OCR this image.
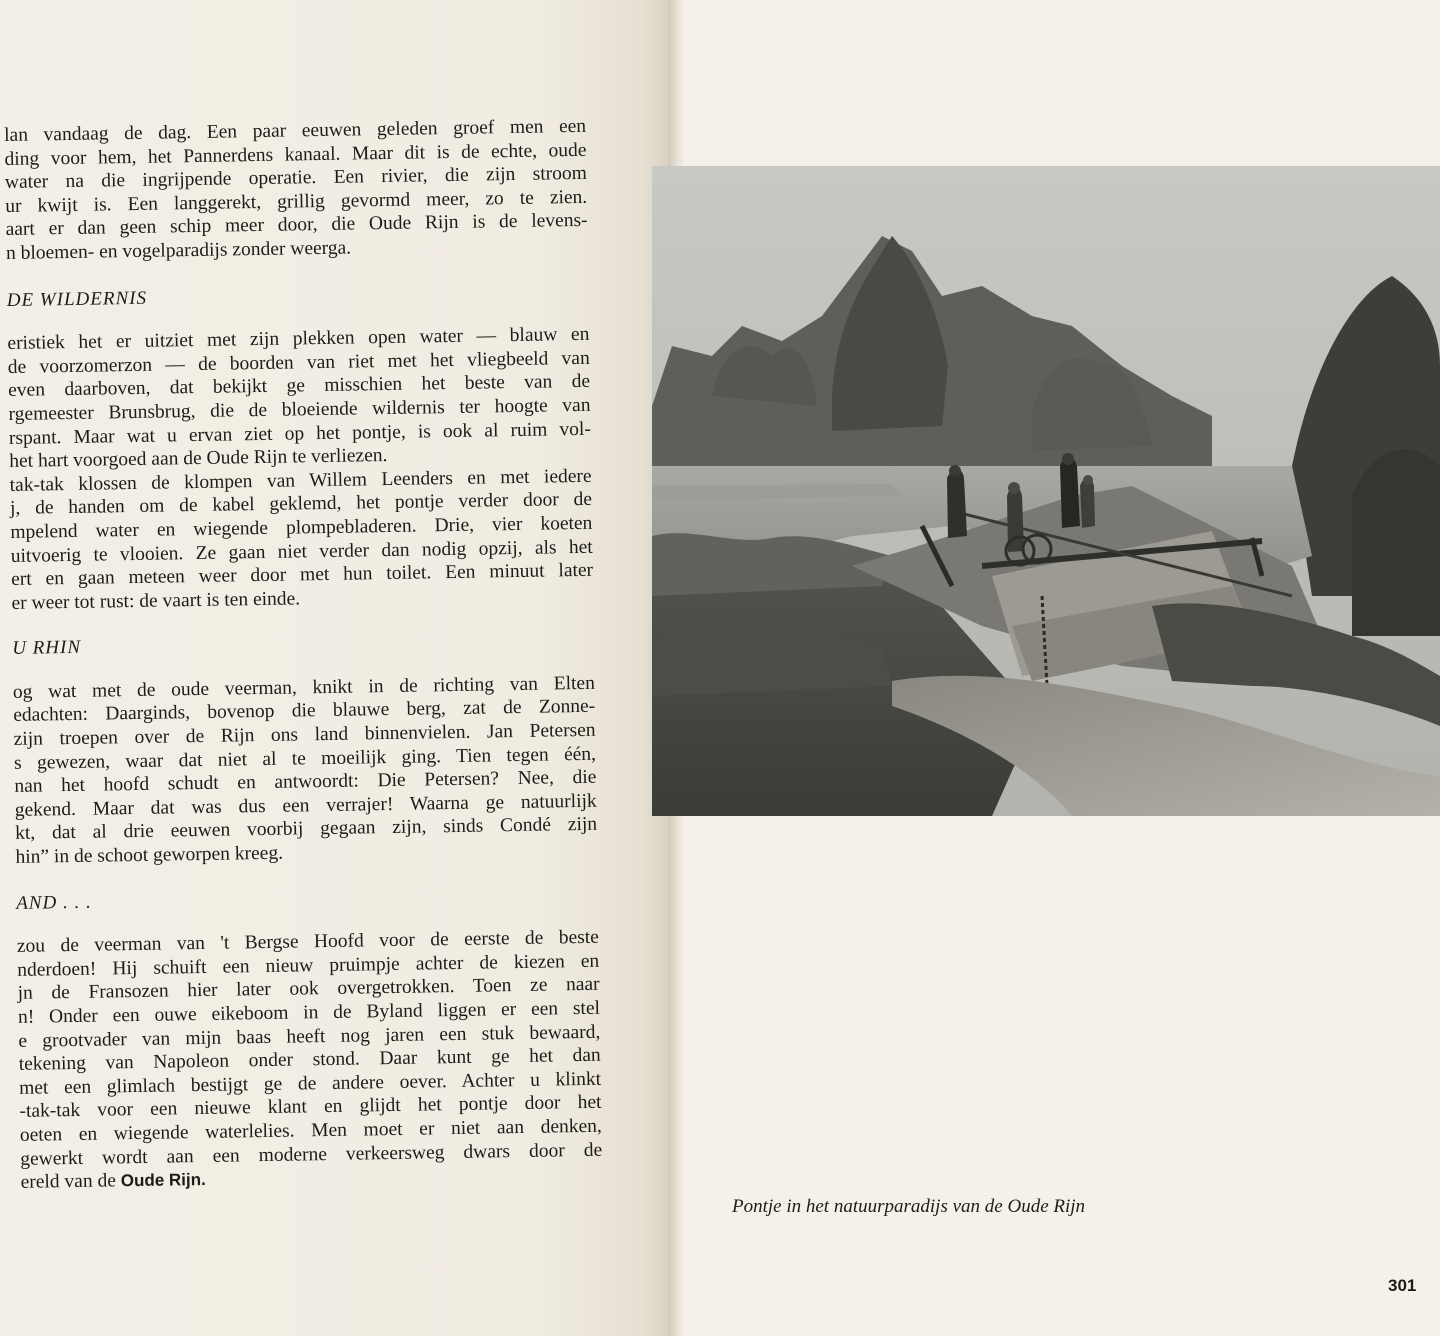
lan vandaag de dag. Een paar eeuwen geleden groef men een

ding voor hem, het Pannerdens kanaal. Maar dit is de echte, oude

water na die ingrijpende operatie. Een rivier, die zijn stroom

ur kwijt is. Een langgerekt, grillig gevormd meer, zo te zien.

aart er dan geen schip meer door, die Oude Rijn is de levens-

n bloemen- en vogelparadijs zonder weerga.

DE WILDERNIS

eristiek het er uitziet met zijn plekken open water — blauw en

de voorzomerzon — de boorden van riet met het vliegbeeld van

even daarboven, dat bekijkt ge misschien het beste van de

rgemeester Brunsbrug, die de bloeiende wildernis ter hoogte van

rspant. Maar wat u ervan ziet op het pontje, is ook al ruim vol-

het hart voorgoed aan de Oude Rijn te verliezen.

tak-tak klossen de klompen van Willem Leenders en met iedere

j, de handen om de kabel geklemd, het pontje verder door de

mpelend water en wiegende plompebladeren. Drie, vier koeten

uitvoerig te vlooien. Ze gaan niet verder dan nodig opzij, als het

ert en gaan meteen weer door met hun toilet. Een minuut later

er weer tot rust: de vaart is ten einde.

U RHIN

og wat met de oude veerman, knikt in de richting van Elten

edachten: Daarginds, bovenop die blauwe berg, zat de Zonne-

zijn troepen over de Rijn ons land binnenvielen. Jan Petersen

s gewezen, waar dat niet al te moeilijk ging. Tien tegen één,

nan het hoofd schudt en antwoordt: Die Petersen? Nee, die

gekend. Maar dat was dus een verrajer! Waarna ge natuurlijk

kt, dat al drie eeuwen voorbij gegaan zijn, sinds Condé zijn

hin” in de schoot geworpen kreeg.

AND . . .

zou de veerman van 't Bergse Hoofd voor de eerste de beste

nderdoen! Hij schuift een nieuw pruimpje achter de kiezen en

jn de Fransozen hier later ook overgetrokken. Toen ze naar

n! Onder een ouwe eikeboom in de Byland liggen er een stel

e grootvader van mijn baas heeft nog jaren een stuk bewaard,

tekening van Napoleon onder stond. Daar kunt ge het dan

met een glimlach bestijgt ge de andere oever. Achter u klinkt

-tak-tak voor een nieuwe klant en glijdt het pontje door het

oeten en wiegende waterlelies. Men moet er niet aan denken,

gewerkt wordt aan een moderne verkeersweg dwars door de

ereld van de Oude Rijn.

Pontje in het natuurparadijs van de Oude Rijn
301
